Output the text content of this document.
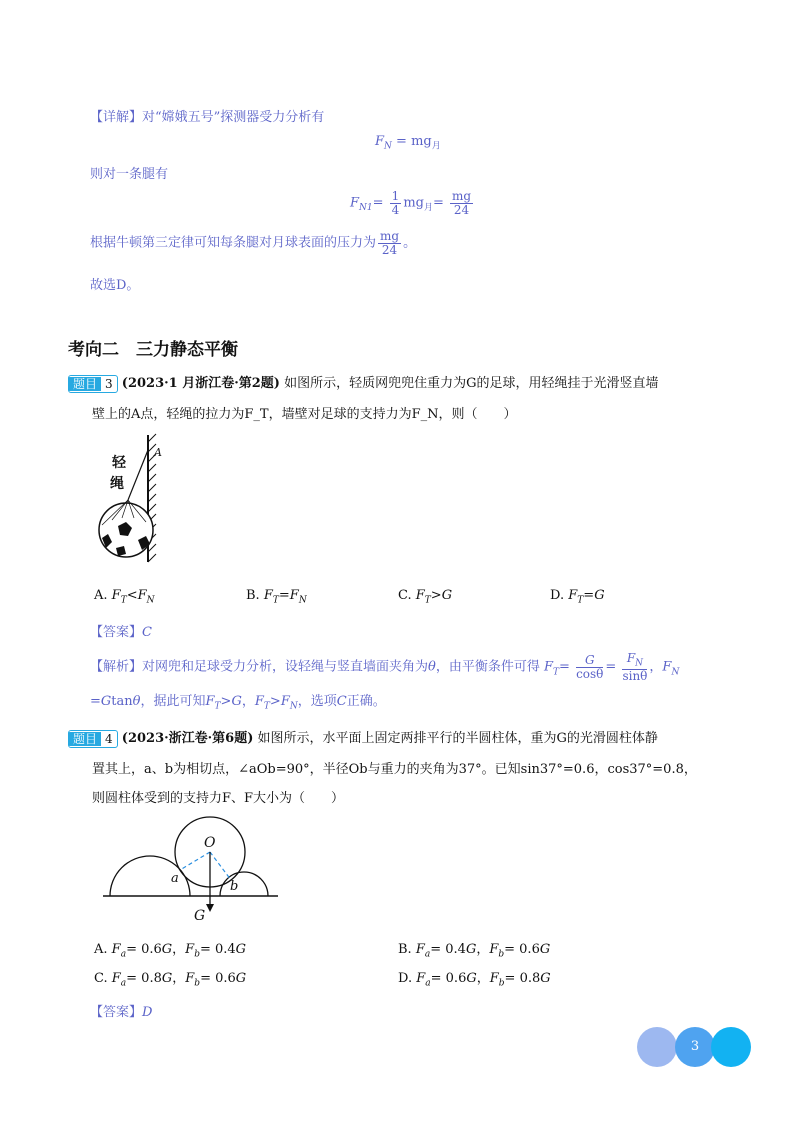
【详解】对“嫦娥五号”探测器受力分析有
$F_N = mg_月$
则对一条腿有
$F_{N1}= \frac{1}{4} mg_月= \frac{mg}{24}$
根据牛顿第三定律可知每条腿对月球表面的压力为 $\frac{mg}{24}$ 。
故选D。
考向二　三力静态平衡
题目 3 (2023·1 月浙江卷·第2题) 如图所示，轻质网兜兜住重力为G的足球，用轻绳挂于光滑竖直墙
壁上的A点，轻绳的拉力为F_T，墙壁对足球的支持力为F_N，则（　　）
轻
绳
A
A. $F_T<F_N$	B. $F_T=F_N$	C. $F_T>G$	D. $F_T=G$
【答案】C
【解析】对网兜和足球受力分析，设轻绳与竖直墙面夹角为θ，由平衡条件可得 $F_T= \frac{G}{\cos\theta} = \frac{F_N}{\sin\theta}$ ，$F_N$
=Gtanθ，据此可知$F_T>G$，$F_T>F_N$，选项C正确。
题目 4 (2023·浙江卷·第6题) 如图所示，水平面上固定两排平行的半圆柱体，重为G的光滑圆柱体静
置其上，a、b为相切点，∠aOb=90°，半径Ob与重力的夹角为37°。已知sin37°=0.6，cos37°=0.8，
则圆柱体受到的支持力F、F大小为（　　）
O
a
b
G
A. $F_a= 0.6G$，$F_b= 0.4G$	B. $F_a= 0.4G$，$F_b= 0.6G$
C. $F_a= 0.8G$，$F_b= 0.6G$	D. $F_a= 0.6G$，$F_b= 0.8G$
【答案】D
3
